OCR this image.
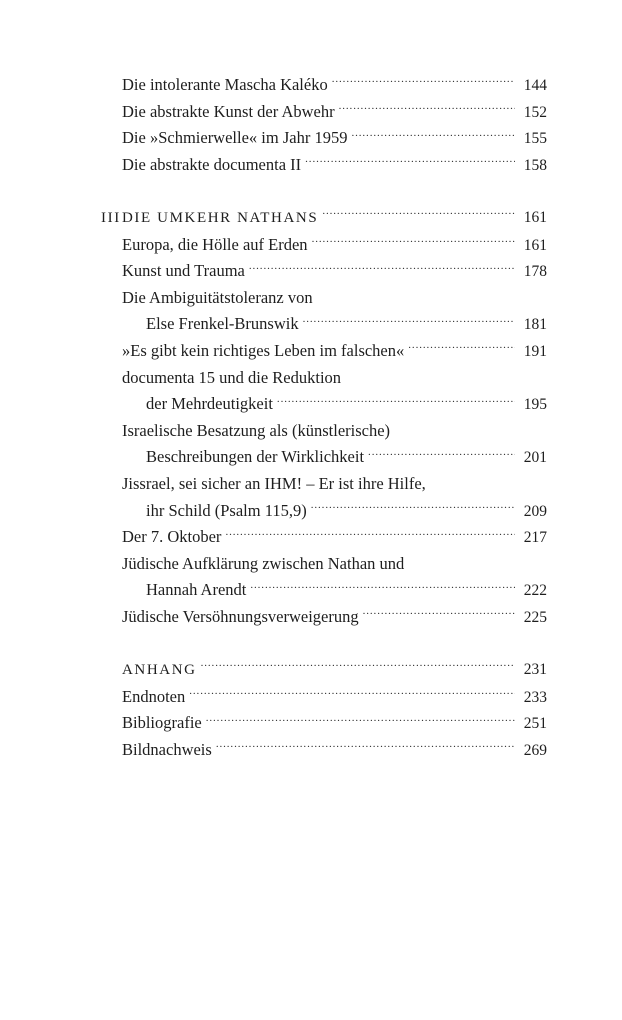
Die intolerante Mascha Kaléko .....	144
Die abstrakte Kunst der Abwehr .....	152
Die »Schmierwelle« im Jahr 1959 .....	155
Die abstrakte documenta II .....	158
III DIE UMKEHR NATHANS .....	161
Europa, die Hölle auf Erden .....	161
Kunst und Trauma .....	178
Die Ambiguitätstoleranz von
Else Frenkel-Brunswik .....	181
»Es gibt kein richtiges Leben im falschen« .....	191
documenta 15 und die Reduktion
der Mehrdeutigkeit .....	195
Israelische Besatzung als (künstlerische)
Beschreibungen der Wirklichkeit .....	201
Jissrael, sei sicher an IHM! – Er ist ihre Hilfe,
ihr Schild (Psalm 115,9) .....	209
Der 7. Oktober .....	217
Jüdische Aufklärung zwischen Nathan und
Hannah Arendt .....	222
Jüdische Versöhnungsverweigerung .....	225
ANHANG .....	231
Endnoten .....	233
Bibliografie .....	251
Bildnachweis .....	269
